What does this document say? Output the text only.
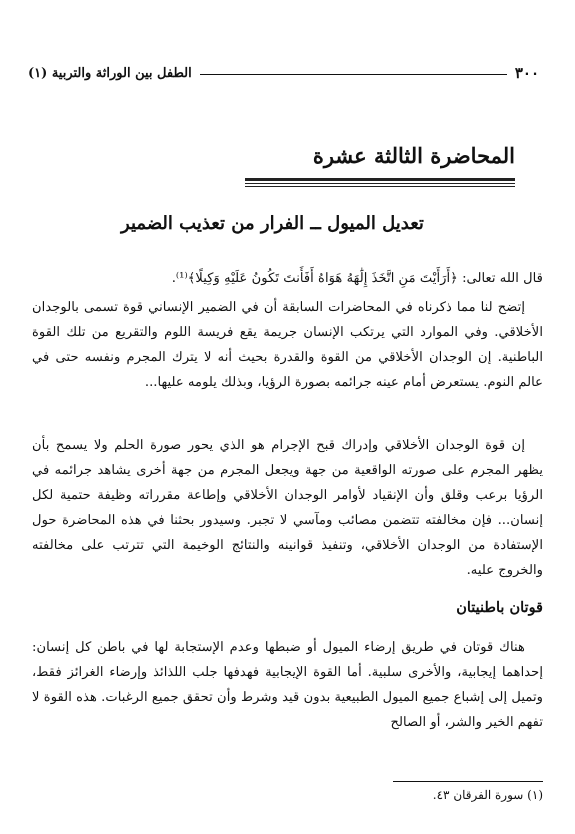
٣٠٠
الطفل بين الوراثة والتربية (١)
المحاضرة الثالثة عشرة
تعديل الميول ــ الفرار من تعذيب الضمير

قال الله تعالى: ﴿أَرَأَيْتَ مَنِ اتَّخَذَ إِلَٰهَهُ هَوَاهُ أَفَأَنتَ تَكُونُ عَلَيْهِ وَكِيلًا﴾⁽¹⁾.

إتضح لنا مما ذكرناه في المحاضرات السابقة أن في الضمير الإنساني قوة تسمى بالوجدان الأخلاقي. وفي الموارد التي يرتكب الإنسان جريمة يقع فريسة اللوم والتقريع من تلك القوة الباطنية. إن الوجدان الأخلاقي من القوة والقدرة بحيث أنه لا يترك المجرم ونفسه حتى في عالم النوم. يستعرض أمام عينه جرائمه بصورة الرؤيا، وبذلك يلومه عليها...

إن قوة الوجدان الأخلاقي وإدراك قبح الإجرام هو الذي يحور صورة الحلم ولا يسمح بأن يظهر المجرم على صورته الواقعية من جهة ويجعل المجرم من جهة أخرى يشاهد جرائمه في الرؤيا برعب وقلق وأن الإنقياد لأوامر الوجدان الأخلاقي وإطاعة مقرراته وظيفة حتمية لكل إنسان... فإن مخالفته تتضمن مصائب ومآسي لا تجبر. وسيدور بحثنا في هذه المحاضرة حول الإستفادة من الوجدان الأخلاقي، وتنفيذ قوانينه والنتائج الوخيمة التي تترتب على مخالفته والخروج عليه.

قوتان باطنيتان

هناك قوتان في طريق إرضاء الميول أو ضبطها وعدم الإستجابة لها في باطن كل إنسان: إحداهما إيجابية، والأخرى سلبية. أما القوة الإيجابية فهدفها جلب اللذائذ وإرضاء الغرائز فقط، وتميل إلى إشباع جميع الميول الطبيعية بدون قيد وشرط وأن تحقق جميع الرغبات. هذه القوة لا تفهم الخير والشر، أو الصالح

(١) سورة الفرقان ٤٣.
